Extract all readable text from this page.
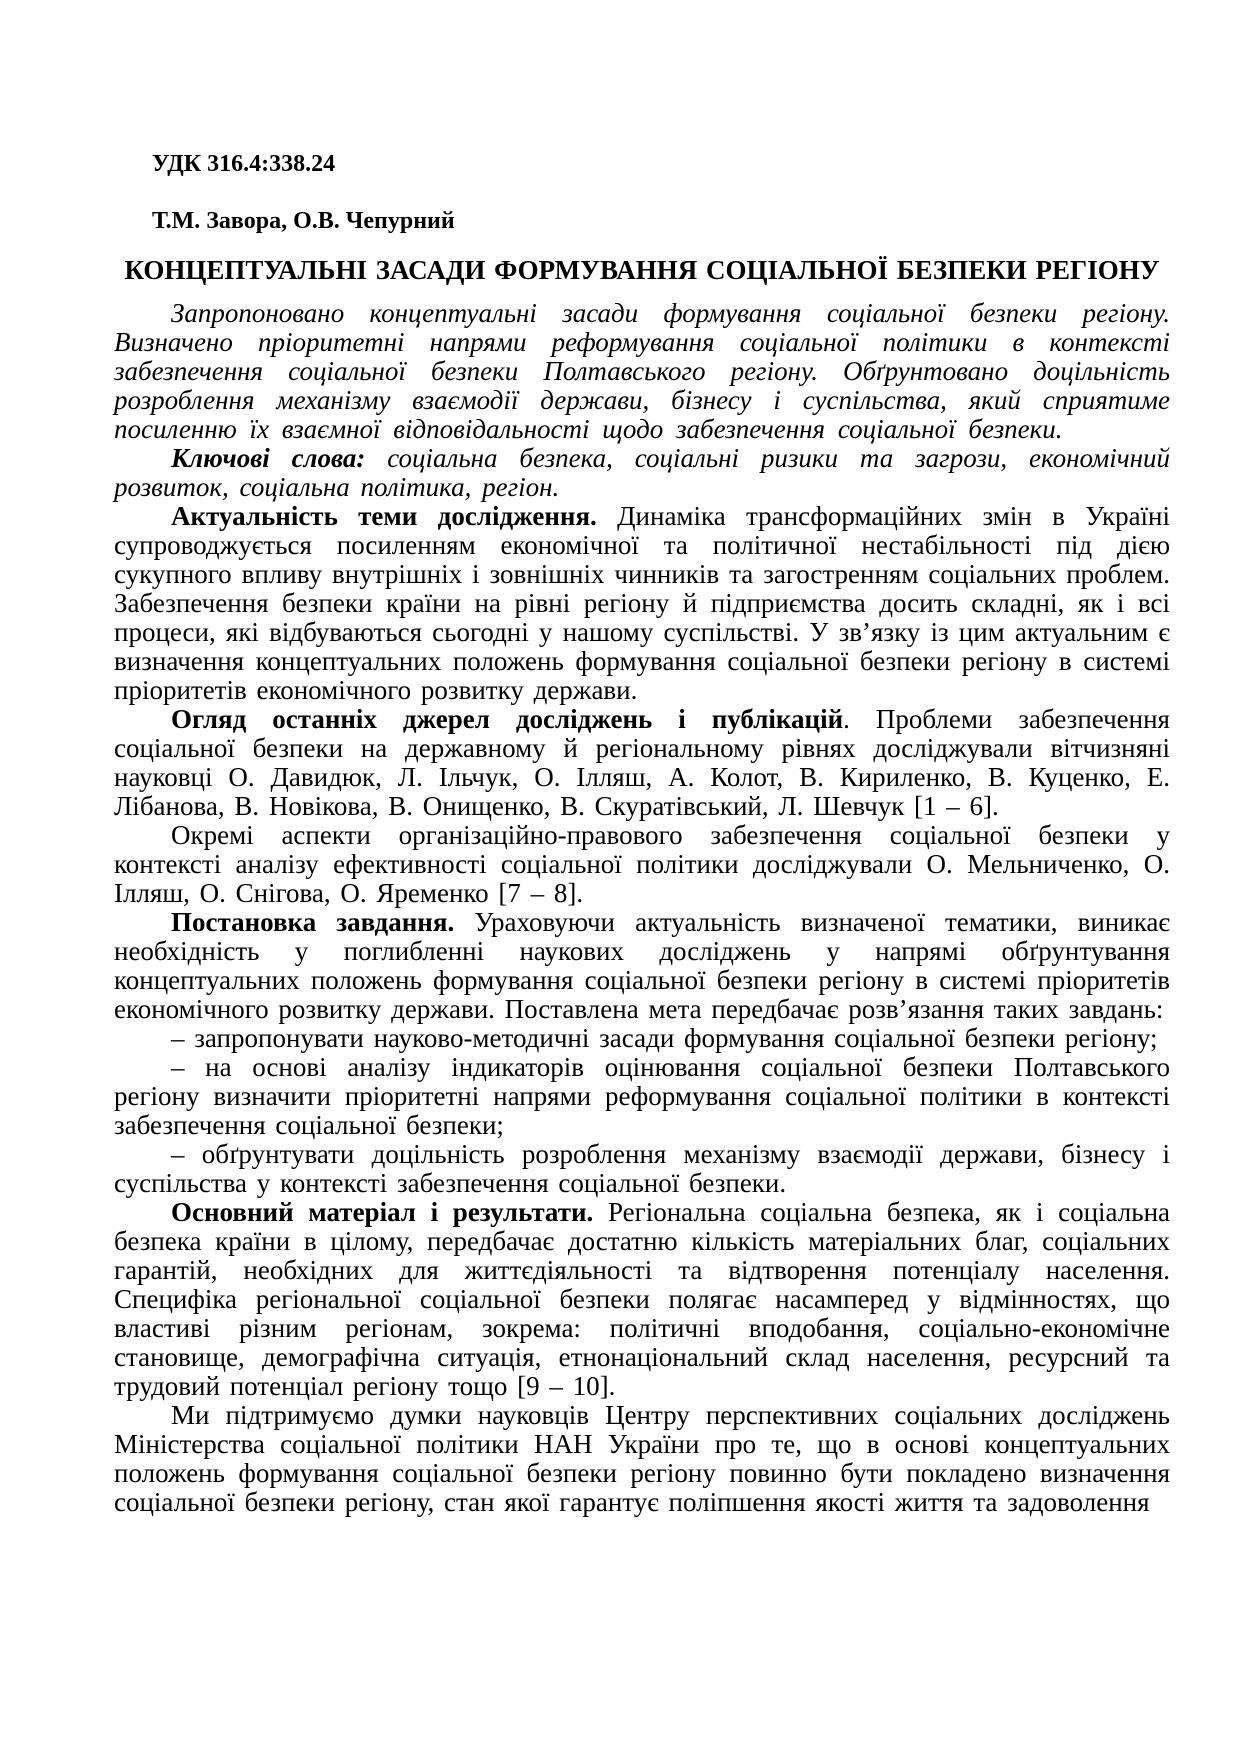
УДК 316.4:338.24

Т.М. Завора, О.В. Чепурний

КОНЦЕПТУАЛЬНІ ЗАСАДИ ФОРМУВАННЯ СОЦІАЛЬНОЇ БЕЗПЕКИ РЕГІОНУ

Запропоновано концептуальні засади формування соціальної безпеки регіону. Визначено пріоритетні напрями реформування соціальної політики в контексті забезпечення соціальної безпеки Полтавського регіону. Обґрунтовано доцільність розроблення механізму взаємодії держави, бізнесу і суспільства, який сприятиме посиленню їх взаємної відповідальності щодо забезпечення соціальної безпеки.

Ключові слова: соціальна безпека, соціальні ризики та загрози, економічний розвиток, соціальна політика, регіон.

Актуальність теми дослідження. Динаміка трансформаційних змін в Україні супроводжується посиленням економічної та політичної нестабільності під дією сукупного впливу внутрішніх і зовнішніх чинників та загостренням соціальних проблем. Забезпечення безпеки країни на рівні регіону й підприємства досить складні, як і всі процеси, які відбуваються сьогодні у нашому суспільстві. У зв’язку із цим актуальним є визначення концептуальних положень формування соціальної безпеки регіону в системі пріоритетів економічного розвитку держави.

Огляд останніх джерел досліджень і публікацій. Проблеми забезпечення соціальної безпеки на державному й регіональному рівнях досліджували вітчизняні науковці О. Давидюк, Л. Ільчук, О. Ілляш, А. Колот, В. Кириленко, В. Куценко, Е. Лібанова, В. Новікова, В. Онищенко, В. Скуратівський, Л. Шевчук [1 – 6].

Окремі аспекти організаційно-правового забезпечення соціальної безпеки у контексті аналізу ефективності соціальної політики досліджували О. Мельниченко, О. Ілляш, О. Снігова, О. Яременко [7 – 8].

Постановка завдання. Ураховуючи актуальність визначеної тематики, виникає необхідність у поглибленні наукових досліджень у напрямі обґрунтування концептуальних положень формування соціальної безпеки регіону в системі пріоритетів економічного розвитку держави. Поставлена мета передбачає розв’язання таких завдань:

– запропонувати науково-методичні засади формування соціальної безпеки регіону;

– на основі аналізу індикаторів оцінювання соціальної безпеки Полтавського регіону визначити пріоритетні напрями реформування соціальної політики в контексті забезпечення соціальної безпеки;

– обґрунтувати доцільність розроблення механізму взаємодії держави, бізнесу і суспільства у контексті забезпечення соціальної безпеки.

Основний матеріал і результати. Регіональна соціальна безпека, як і соціальна безпека країни в цілому, передбачає достатню кількість матеріальних благ, соціальних гарантій, необхідних для життєдіяльності та відтворення потенціалу населення. Специфіка регіональної соціальної безпеки полягає насамперед у відмінностях, що властиві різним регіонам, зокрема: політичні вподобання, соціально-економічне становище, демографічна ситуація, етнонаціональний склад населення, ресурсний та трудовий потенціал регіону тощо [9 – 10].

Ми підтримуємо думки науковців Центру перспективних соціальних досліджень Міністерства соціальної політики НАН України про те, що в основі концептуальних положень формування соціальної безпеки регіону повинно бути покладено визначення соціальної безпеки регіону, стан якої гарантує поліпшення якості життя та задоволення
